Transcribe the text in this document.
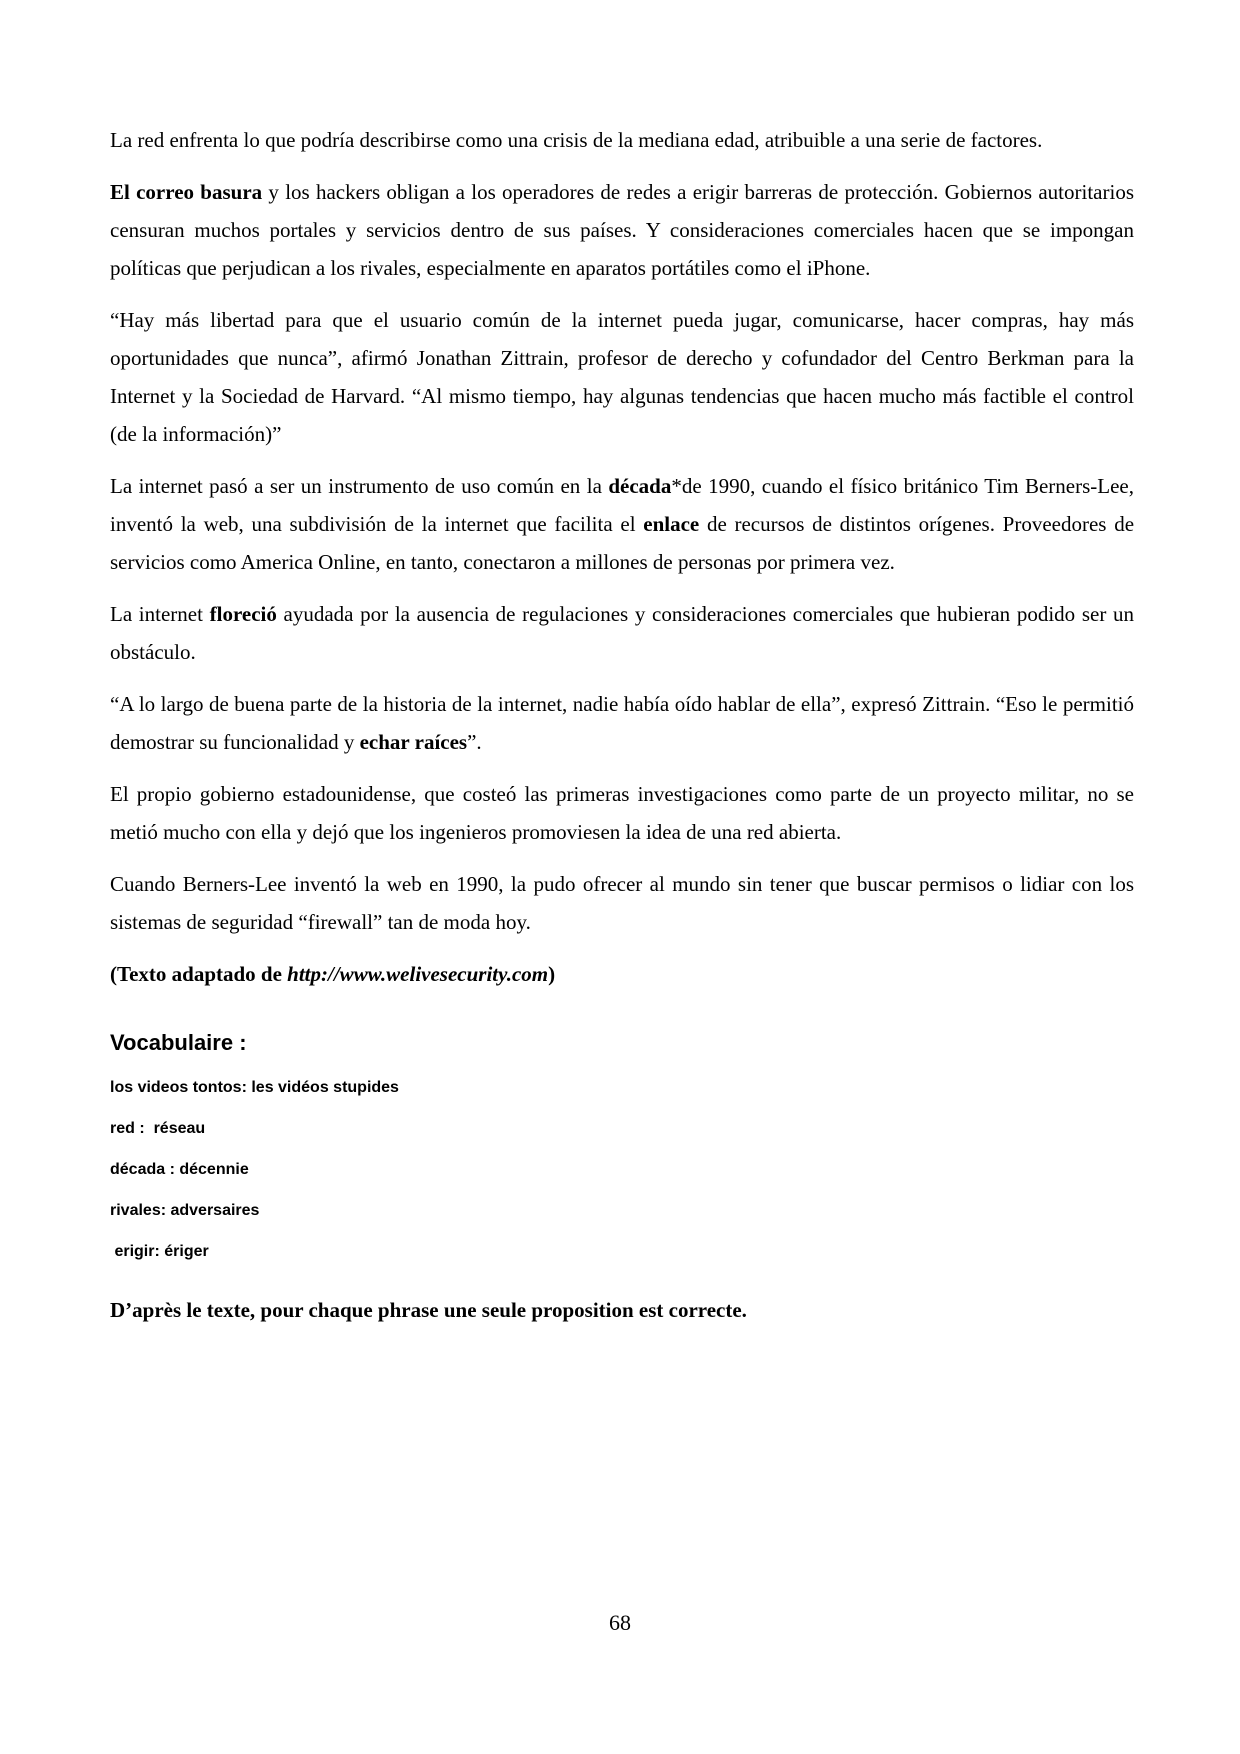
La red enfrenta lo que podría describirse como una crisis de la mediana edad, atribuible a una serie de factores.

El correo basura y los hackers obligan a los operadores de redes a erigir barreras de protección. Gobiernos autoritarios censuran muchos portales y servicios dentro de sus países. Y consideraciones comerciales hacen que se impongan políticas que perjudican a los rivales, especialmente en aparatos portátiles como el iPhone.

“Hay más libertad para que el usuario común de la internet pueda jugar, comunicarse, hacer compras, hay más oportunidades que nunca”, afirmó Jonathan Zittrain, profesor de derecho y cofundador del Centro Berkman para la Internet y la Sociedad de Harvard. “Al mismo tiempo, hay algunas tendencias que hacen mucho más factible el control (de la información)”

La internet pasó a ser un instrumento de uso común en la década*de 1990, cuando el físico británico Tim Berners-Lee, inventó la web, una subdivisión de la internet que facilita el enlace de recursos de distintos orígenes. Proveedores de servicios como America Online, en tanto, conectaron a millones de personas por primera vez.

La internet floreció ayudada por la ausencia de regulaciones y consideraciones comerciales que hubieran podido ser un obstáculo.

“A lo largo de buena parte de la historia de la internet, nadie había oído hablar de ella”, expresó Zittrain. “Eso le permitió demostrar su funcionalidad y echar raíces”.

El propio gobierno estadounidense, que costeó las primeras investigaciones como parte de un proyecto militar, no se metió mucho con ella y dejó que los ingenieros promoviesen la idea de una red abierta.

Cuando Berners-Lee inventó la web en 1990, la pudo ofrecer al mundo sin tener que buscar permisos o lidiar con los sistemas de seguridad “firewall” tan de moda hoy.

(Texto adaptado de http://www.welivesecurity.com)

Vocabulaire :
los videos tontos: les vidéos stupides
red :  réseau
década : décennie
rivales: adversaires
erigir: ériger
D’après le texte, pour chaque phrase une seule proposition est correcte.
68
